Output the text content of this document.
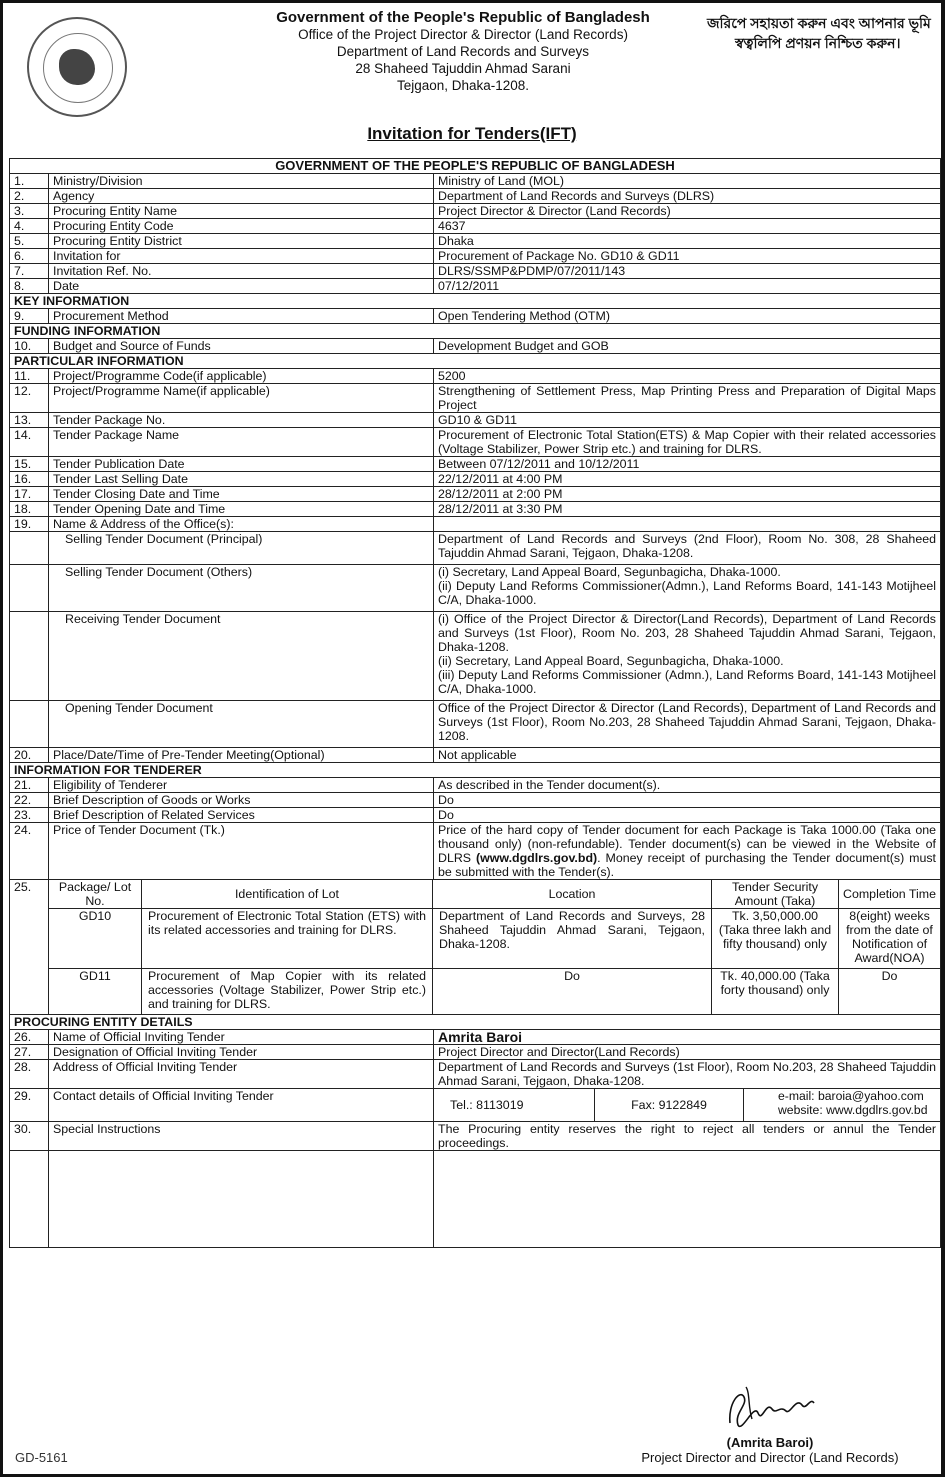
Government of the People's Republic of Bangladesh
Office of the Project Director & Director (Land Records)
Department of Land Records and Surveys
28 Shaheed Tajuddin Ahmad Sarani
Tejgaon, Dhaka-1208.
জরিপে সহায়তা করুন এবং আপনার ভূমি
স্বত্বলিপি প্রণয়ন নিশ্চিত করুন।
Invitation for Tenders(IFT)
GOVERNMENT OF THE PEOPLE'S REPUBLIC OF BANGLADESH
1.	Ministry/Division	Ministry of Land (MOL)
2.	Agency	Department of Land Records and Surveys (DLRS)
3.	Procuring Entity Name	Project Director & Director (Land Records)
4.	Procuring Entity Code	4637
5.	Procuring Entity District	Dhaka
6.	Invitation for	Procurement of Package No. GD10 & GD11
7.	Invitation Ref. No.	DLRS/SSMP&PDMP/07/2011/143
8.	Date	07/12/2011
KEY INFORMATION
9.	Procurement Method	Open Tendering Method (OTM)
FUNDING INFORMATION
10.	Budget and Source of Funds	Development Budget and GOB
PARTICULAR INFORMATION
11.	Project/Programme Code(if applicable)	5200
12.	Project/Programme Name(if applicable)	Strengthening of Settlement Press, Map Printing Press and Preparation of Digital Maps Project
13.	Tender Package No.	GD10 & GD11
14.	Tender Package Name	Procurement of Electronic Total Station(ETS) & Map Copier with their related accessories (Voltage Stabilizer, Power Strip etc.) and training for DLRS.
15.	Tender Publication Date	Between 07/12/2011 and 10/12/2011
16.	Tender Last Selling Date	22/12/2011 at 4:00 PM
17.	Tender Closing Date and Time	28/12/2011 at 2:00 PM
18.	Tender Opening Date and Time	28/12/2011 at 3:30 PM
19.	Name & Address of the Office(s):	
	Selling Tender Document (Principal)	Department of Land Records and Surveys (2nd Floor), Room No. 308, 28 Shaheed Tajuddin Ahmad Sarani, Tejgaon, Dhaka-1208.

	Selling Tender Document (Others)	(i) Secretary, Land Appeal Board, Segunbagicha, Dhaka-1000.
(ii) Deputy Land Reforms Commissioner(Admn.), Land Reforms Board, 141-143 Motijheel C/A, Dhaka-1000.

	Receiving Tender Document	(i) Office of the Project Director & Director(Land Records), Department of Land Records and Surveys (1st Floor), Room No. 203, 28 Shaheed Tajuddin Ahmad Sarani, Tejgaon, Dhaka-1208.
(ii) Secretary, Land Appeal Board, Segunbagicha, Dhaka-1000.
(iii) Deputy Land Reforms Commissioner (Admn.), Land Reforms Board, 141-143 Motijheel C/A, Dhaka-1000.

	Opening Tender Document	Office of the Project Director & Director (Land Records), Department of Land Records and Surveys (1st Floor), Room No.203, 28 Shaheed Tajuddin Ahmad Sarani, Tejgaon, Dhaka-1208.

20.	Place/Date/Time of Pre-Tender Meeting(Optional)	Not applicable
INFORMATION FOR TENDERER
21.	Eligibility of Tenderer	As described in the Tender document(s).
22.	Brief Description of Goods or Works	Do
23.	Brief Description of Related Services	Do
24.	Price of Tender Document (Tk.)	Price of the hard copy of Tender document for each Package is Taka 1000.00 (Taka one thousand only) (non-refundable). Tender document(s) can be viewed in the Website of DLRS (www.dgdlrs.gov.bd). Money receipt of purchasing the Tender document(s) must be submitted with the Tender(s).
25.	Package/ Lot No.	Identification of Lot	Location	Tender Security Amount (Taka)	Completion Time
GD10	Procurement of Electronic Total Station (ETS) with its related accessories and training for DLRS.	Department of Land Records and Surveys, 28 Shaheed Tajuddin Ahmad Sarani, Tejgaon, Dhaka-1208.	Tk. 3,50,000.00 (Taka three lakh and fifty thousand) only	8(eight) weeks from the date of Notification of Award(NOA)
GD11	Procurement of Map Copier with its related accessories (Voltage Stabilizer, Power Strip etc.) and training for DLRS.	Do	Tk. 40,000.00 (Taka forty thousand) only	Do

PROCURING ENTITY DETAILS
26.	Name of Official Inviting Tender	Amrita Baroi
27.	Designation of Official Inviting Tender	Project Director and Director(Land Records)
28.	Address of Official Inviting Tender	Department of Land Records and Surveys (1st Floor), Room No.203, 28 Shaheed Tajuddin Ahmad Sarani, Tejgaon, Dhaka-1208.
29.	Contact details of Official Inviting Tender	
Tel.: 8113019	Fax: 9122849	
e-mail: baroia@yahoo.com
website: www.dgdlrs.gov.bd

30.	Special Instructions	The Procuring entity reserves the right to reject all tenders or annul the Tender proceedings.

(Amrita Baroi)
Project Director and Director (Land Records)
GD-5161
